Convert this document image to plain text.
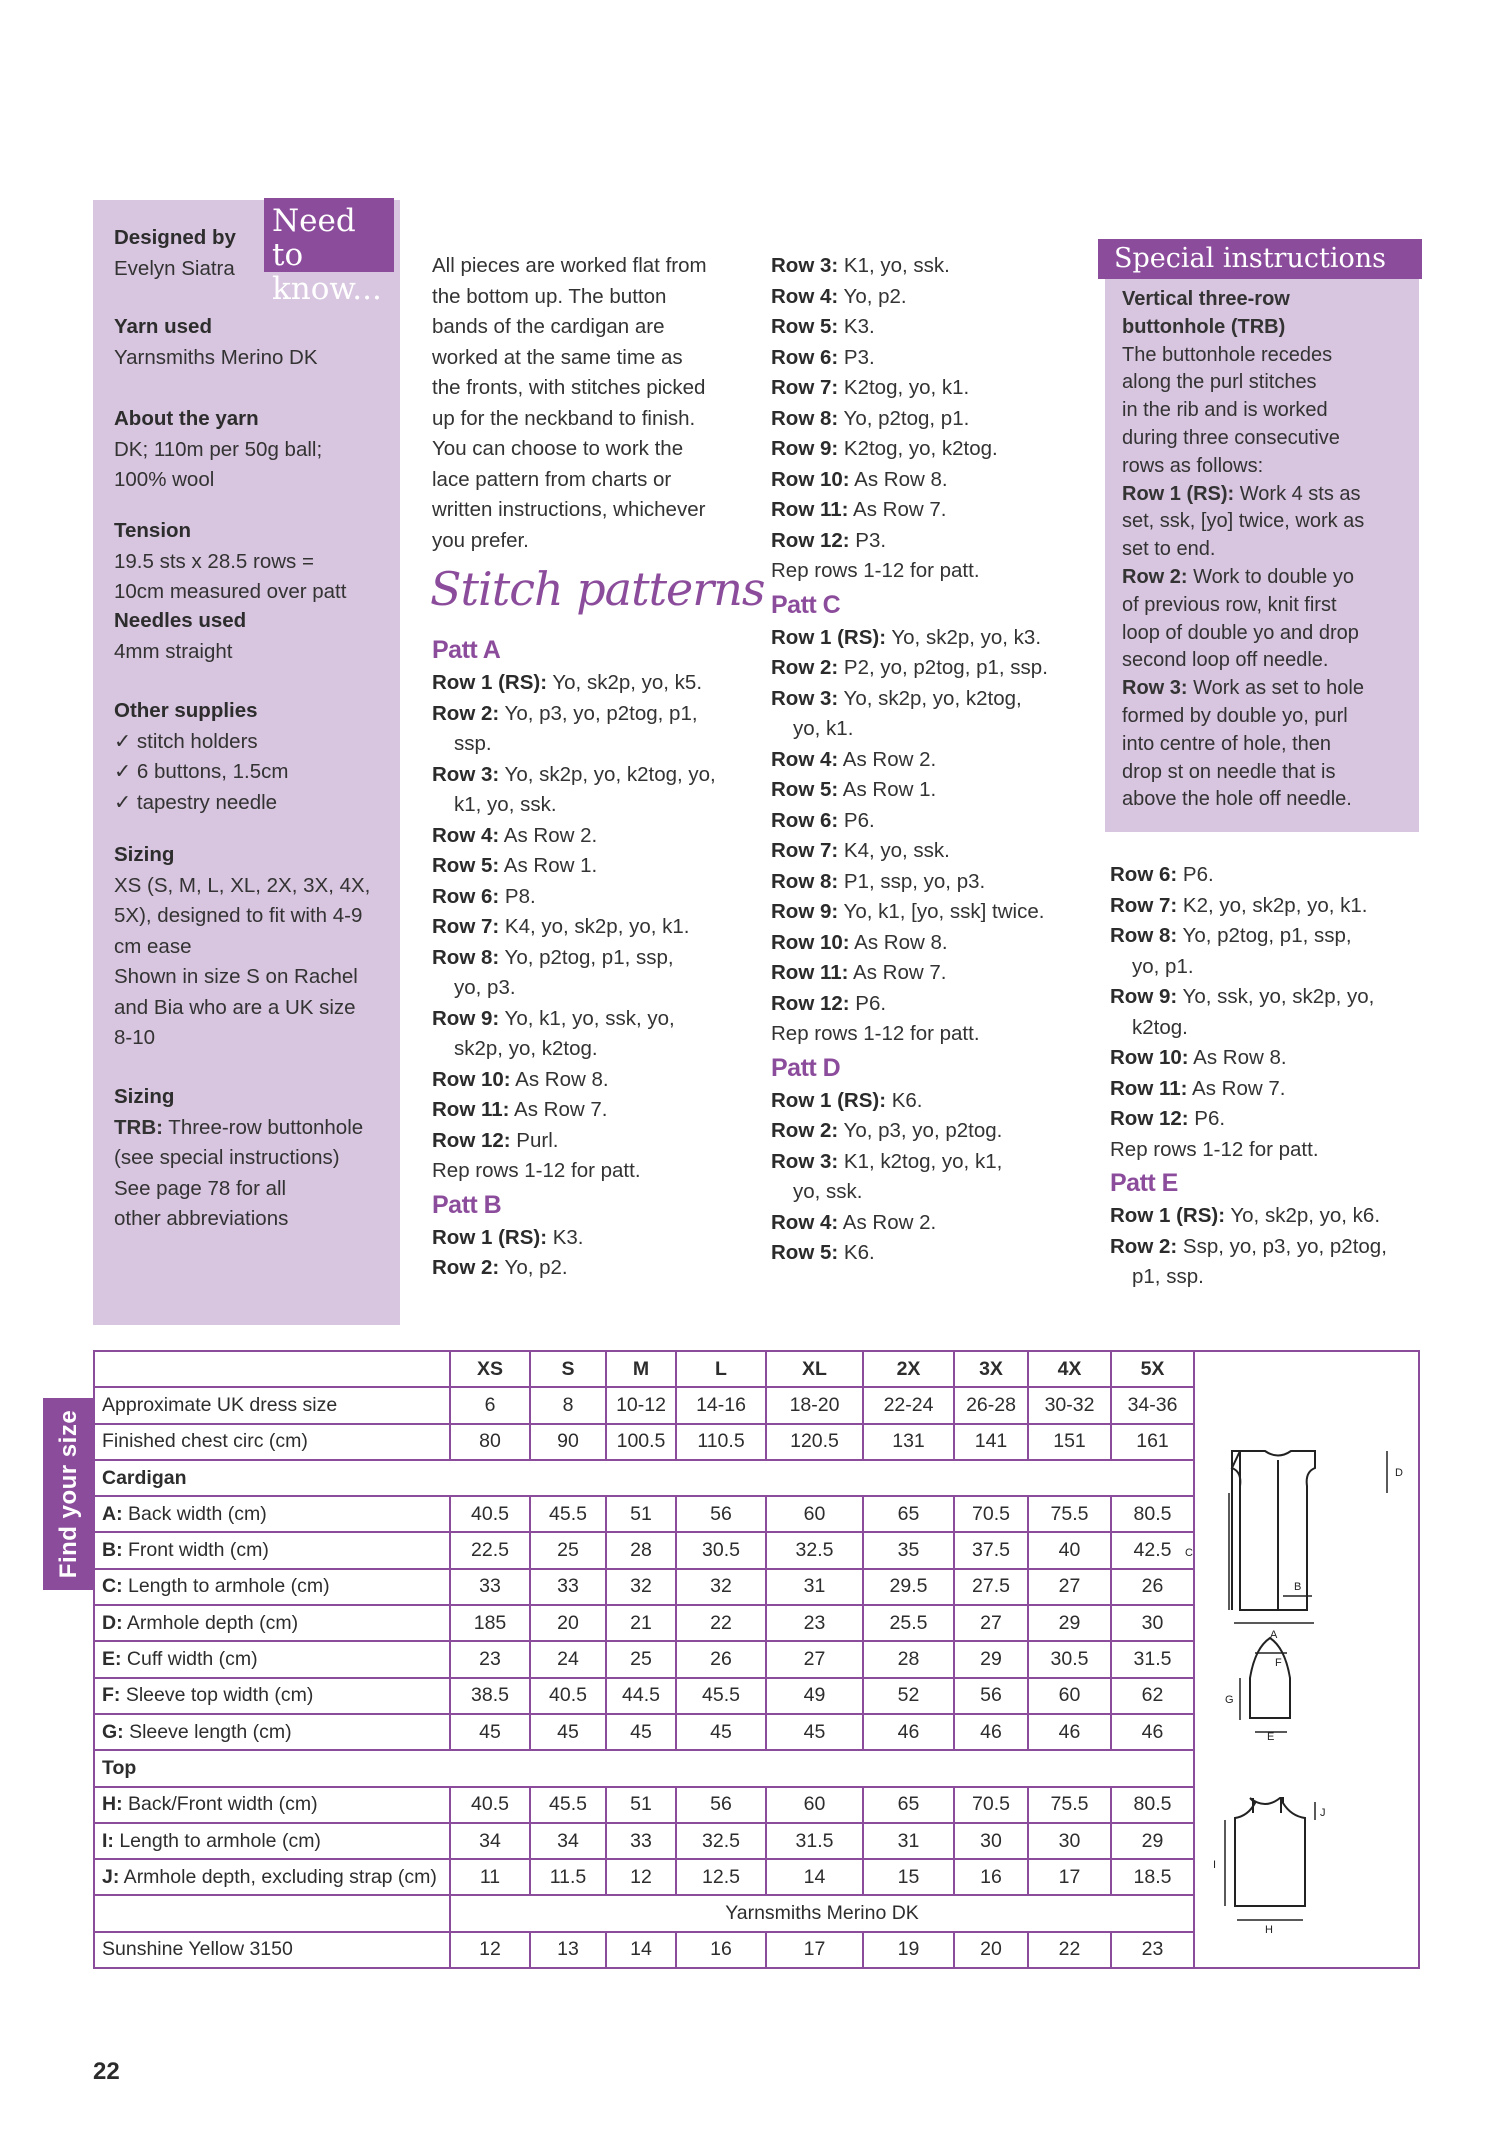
Designed by
Evelyn Siatra
Yarn used
Yarnsmiths Merino DK
About the yarn
DK; 110m per 50g ball;
100% wool
Tension
19.5 sts x 28.5 rows =
10cm measured over patt
Needles used
4mm straight
Other supplies
✓ stitch holders
✓ 6 buttons, 1.5cm
✓ tapestry needle
Sizing
XS (S, M, L, XL, 2X, 3X, 4X,
5X), designed to fit with 4-9
cm ease
Shown in size S on Rachel
and Bia who are a UK size
8-10
Sizing
TRB: Three-row buttonhole
(see special instructions)
See page 78 for all
other abbreviations
Need to
know...

All pieces are worked flat from

the bottom up. The button

bands of the cardigan are

worked at the same time as

the fronts, with stitches picked

up for the neckband to finish.

You can choose to work the

lace pattern from charts or

written instructions, whichever

you prefer.

Stitch patterns

Patt A

Row 1 (RS): Yo, sk2p, yo, k5.

Row 2: Yo, p3, yo, p2tog, p1,

ssp.

Row 3: Yo, sk2p, yo, k2tog, yo,

k1, yo, ssk.

Row 4: As Row 2.

Row 5: As Row 1.

Row 6: P8.

Row 7: K4, yo, sk2p, yo, k1.

Row 8: Yo, p2tog, p1, ssp,

yo, p3.

Row 9: Yo, k1, yo, ssk, yo,

sk2p, yo, k2tog.

Row 10: As Row 8.

Row 11: As Row 7.

Row 12: Purl.

Rep rows 1-12 for patt.

Patt B

Row 1 (RS): K3.

Row 2: Yo, p2.

Row 3: K1, yo, ssk.

Row 4: Yo, p2.

Row 5: K3.

Row 6: P3.

Row 7: K2tog, yo, k1.

Row 8: Yo, p2tog, p1.

Row 9: K2tog, yo, k2tog.

Row 10: As Row 8.

Row 11: As Row 7.

Row 12: P3.

Rep rows 1-12 for patt.

Patt C

Row 1 (RS): Yo, sk2p, yo, k3.

Row 2: P2, yo, p2tog, p1, ssp.

Row 3: Yo, sk2p, yo, k2tog,

yo, k1.

Row 4: As Row 2.

Row 5: As Row 1.

Row 6: P6.

Row 7: K4, yo, ssk.

Row 8: P1, ssp, yo, p3.

Row 9: Yo, k1, [yo, ssk] twice.

Row 10: As Row 8.

Row 11: As Row 7.

Row 12: P6.

Rep rows 1-12 for patt.

Patt D

Row 1 (RS): K6.

Row 2: Yo, p3, yo, p2tog.

Row 3: K1, k2tog, yo, k1,

yo, ssk.

Row 4: As Row 2.

Row 5: K6.

Special instructions
Vertical three-row
buttonhole (TRB)
The buttonhole recedes
along the purl stitches
in the rib and is worked
during three consecutive
rows as follows:
Row 1 (RS): Work 4 sts as
set, ssk, [yo] twice, work as
set to end.
Row 2: Work to double yo
of previous row, knit first
loop of double yo and drop
second loop off needle.
Row 3: Work as set to hole
formed by double yo, purl
into centre of hole, then
drop st on needle that is
above the hole off needle.

Row 6: P6.

Row 7: K2, yo, sk2p, yo, k1.

Row 8: Yo, p2tog, p1, ssp,

yo, p1.

Row 9: Yo, ssk, yo, sk2p, yo,

k2tog.

Row 10: As Row 8.

Row 11: As Row 7.

Row 12: P6.

Rep rows 1-12 for patt.

Patt E

Row 1 (RS): Yo, sk2p, yo, k6.

Row 2: Ssp, yo, p3, yo, p2tog,

p1, ssp.

Find your size
	XS	S	M	L	XL	2X	3X	4X	5X	
Approximate UK dress size	6	8	10-12	14-16	18-20	22-24	26-28	30-32	34-36	
Finished chest circ (cm)	80	90	100.5	110.5	120.5	131	141	151	161	
Cardigan										
A: Back width (cm)	40.5	45.5	51	56	60	65	70.5	75.5	80.5	
B: Front width (cm)	22.5	25	28	30.5	32.5	35	37.5	40	42.5	
C: Length to armhole (cm)	33	33	32	32	31	29.5	27.5	27	26	
D: Armhole depth (cm)	185	20	21	22	23	25.5	27	29	30	
E: Cuff width (cm)	23	24	25	26	27	28	29	30.5	31.5	
F: Sleeve top width (cm)	38.5	40.5	44.5	45.5	49	52	56	60	62	
G: Sleeve length (cm)	45	45	45	45	45	46	46	46	46	
Top										
H: Back/Front width (cm)	40.5	45.5	51	56	60	65	70.5	75.5	80.5	
I: Length to armhole (cm)	34	34	33	32.5	31.5	31	30	30	29	
J: Armhole depth, excluding strap (cm)	11	11.5	12	12.5	14	15	16	17	18.5	
	Yarnsmiths Merino DK									
Sunshine Yellow 3150	12	13	14	16	17	19	20	22	23	
C
A
B
D
G
E
F
I
H
J
22
